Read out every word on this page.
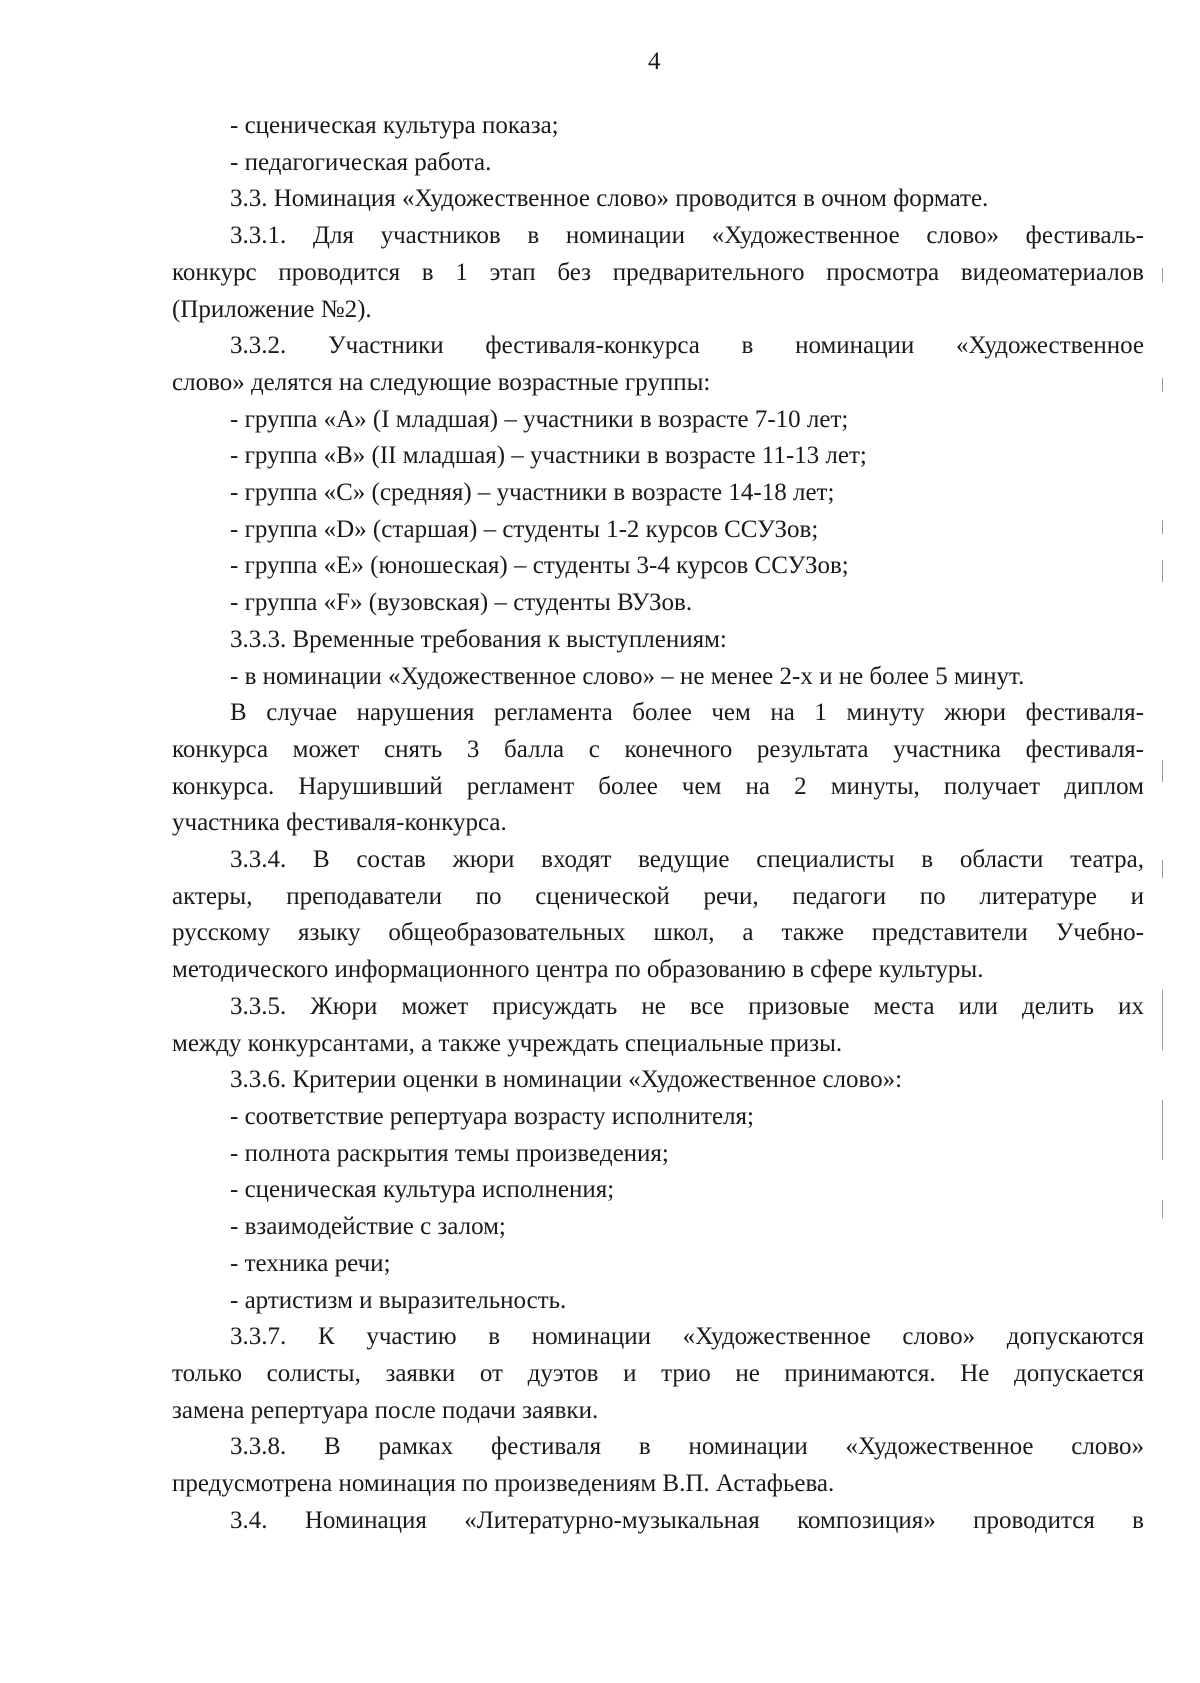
4
- сценическая культура показа;
- педагогическая работа.
3.3. Номинация «Художественное слово» проводится в очном формате.
3.3.1. Для участников в номинации «Художественное слово» фестиваль-
конкурс проводится в 1 этап без предварительного просмотра видеоматериалов
(Приложение №2).
3.3.2. Участники фестиваля-конкурса в номинации «Художественное
слово» делятся на следующие возрастные группы:
- группа «А» (I младшая) – участники в возрасте 7-10 лет;
- группа «В» (II младшая) – участники в возрасте 11-13 лет;
- группа «С» (средняя) – участники в возрасте 14-18 лет;
- группа «D» (старшая) – студенты 1-2 курсов ССУЗов;
- группа «Е» (юношеская) – студенты 3-4 курсов ССУЗов;
- группа «F» (вузовская) – студенты ВУЗов.
3.3.3. Временные требования к выступлениям:
- в номинации «Художественное слово» – не менее 2-х и не более 5 минут.
В случае нарушения регламента более чем на 1 минуту жюри фестиваля-
конкурса может снять 3 балла с конечного результата участника фестиваля-
конкурса. Нарушивший регламент более чем на 2 минуты, получает диплом
участника фестиваля-конкурса.
3.3.4. В состав жюри входят ведущие специалисты в области театра,
актеры, преподаватели по сценической речи, педагоги по литературе и
русскому языку общеобразовательных школ, а также представители Учебно-
методического информационного центра по образованию в сфере культуры.
3.3.5. Жюри может присуждать не все призовые места или делить их
между конкурсантами, а также учреждать специальные призы.
3.3.6. Критерии оценки в номинации «Художественное слово»:
- соответствие репертуара возрасту исполнителя;
- полнота раскрытия темы произведения;
- сценическая культура исполнения;
- взаимодействие с залом;
- техника речи;
- артистизм и выразительность.
3.3.7. К участию в номинации «Художественное слово» допускаются
только солисты, заявки от дуэтов и трио не принимаются. Не допускается
замена репертуара после подачи заявки.
3.3.8. В рамках фестиваля в номинации «Художественное слово»
предусмотрена номинация по произведениям В.П. Астафьева.
3.4. Номинация «Литературно-музыкальная композиция» проводится в
